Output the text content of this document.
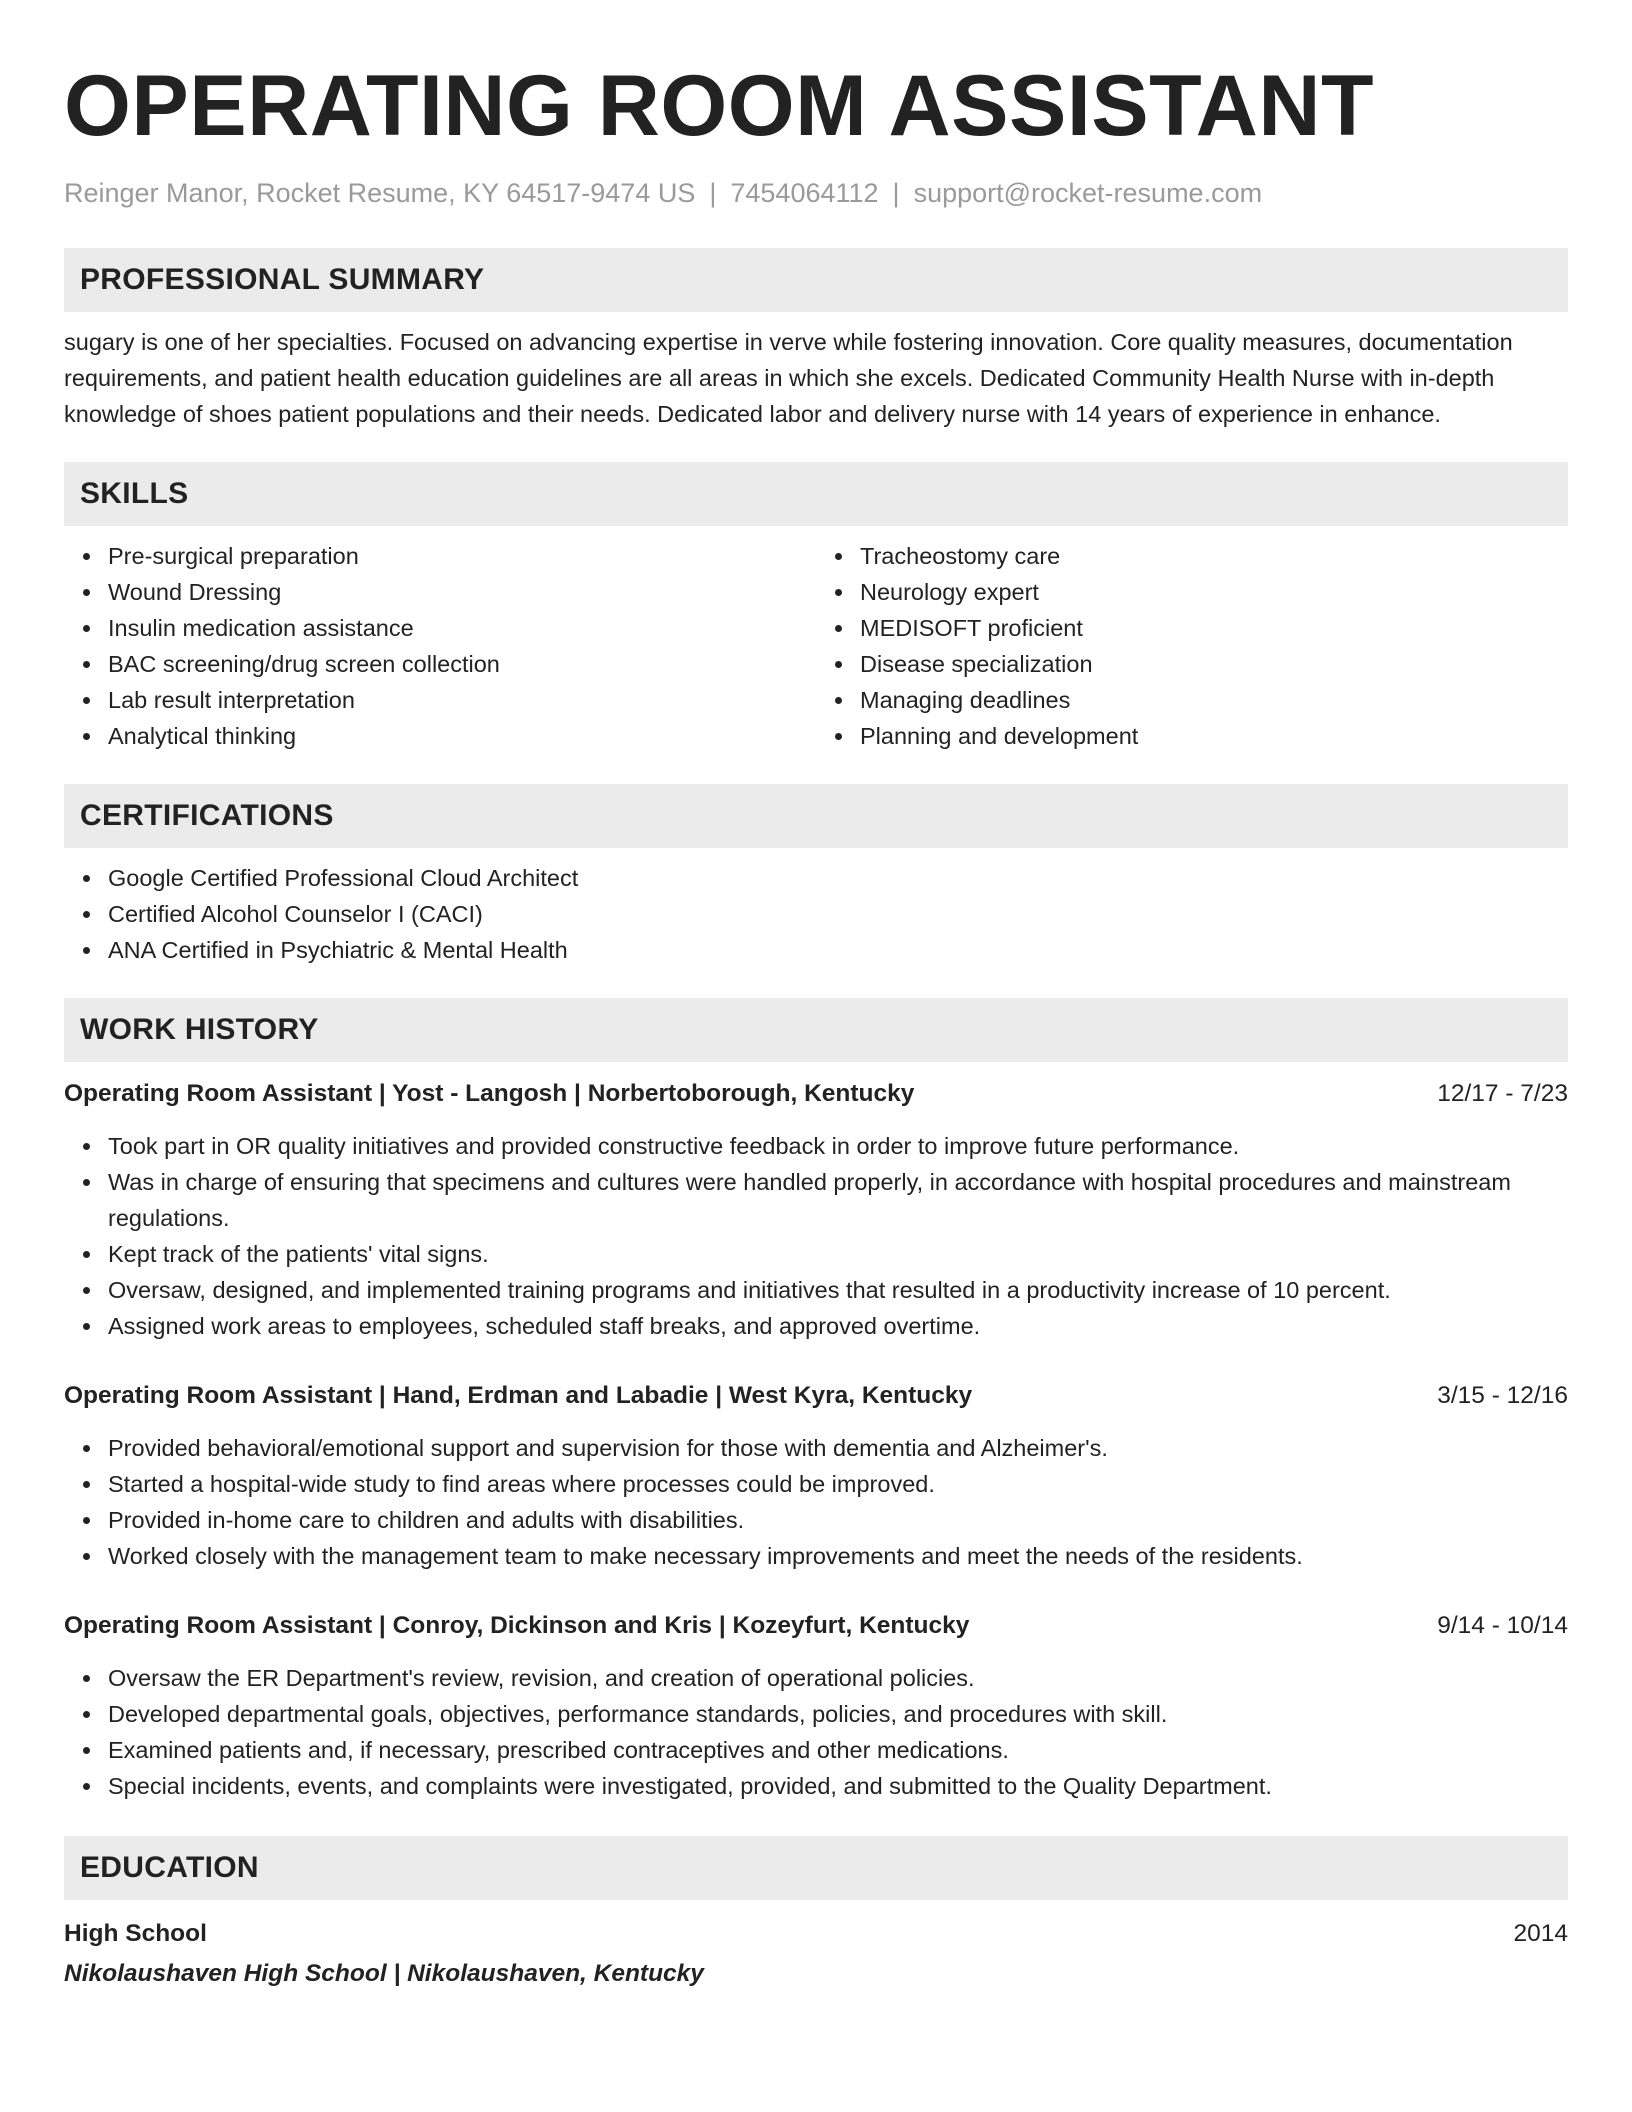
OPERATING ROOM ASSISTANT
Reinger Manor, Rocket Resume, KY 64517-9474 US | 7454064112 | support@rocket-resume.com
PROFESSIONAL SUMMARY

sugary is one of her specialties. Focused on advancing expertise in verve while fostering innovation. Core quality measures, documentation requirements, and patient health education guidelines are all areas in which she excels. Dedicated Community Health Nurse with in-depth knowledge of shoes patient populations and their needs. Dedicated labor and delivery nurse with 14 years of experience in enhance.

SKILLS
Pre-surgical preparation
Wound Dressing
Insulin medication assistance
BAC screening/drug screen collection
Lab result interpretation
Analytical thinking
Tracheostomy care
Neurology expert
MEDISOFT proficient
Disease specialization
Managing deadlines
Planning and development
CERTIFICATIONS
Google Certified Professional Cloud Architect
Certified Alcohol Counselor I (CACI)
ANA Certified in Psychiatric & Mental Health
WORK HISTORY
Operating Room Assistant | Yost - Langosh | Norbertoborough, Kentucky	12/17 - 7/23
Took part in OR quality initiatives and provided constructive feedback in order to improve future performance.
Was in charge of ensuring that specimens and cultures were handled properly, in accordance with hospital procedures and mainstream regulations.
Kept track of the patients' vital signs.
Oversaw, designed, and implemented training programs and initiatives that resulted in a productivity increase of 10 percent.
Assigned work areas to employees, scheduled staff breaks, and approved overtime.
Operating Room Assistant | Hand, Erdman and Labadie | West Kyra, Kentucky	3/15 - 12/16
Provided behavioral/emotional support and supervision for those with dementia and Alzheimer's.
Started a hospital-wide study to find areas where processes could be improved.
Provided in-home care to children and adults with disabilities.
Worked closely with the management team to make necessary improvements and meet the needs of the residents.
Operating Room Assistant | Conroy, Dickinson and Kris | Kozeyfurt, Kentucky	9/14 - 10/14
Oversaw the ER Department's review, revision, and creation of operational policies.
Developed departmental goals, objectives, performance standards, policies, and procedures with skill.
Examined patients and, if necessary, prescribed contraceptives and other medications.
Special incidents, events, and complaints were investigated, provided, and submitted to the Quality Department.
EDUCATION
High School	2014
Nikolaushaven High School | Nikolaushaven, Kentucky
